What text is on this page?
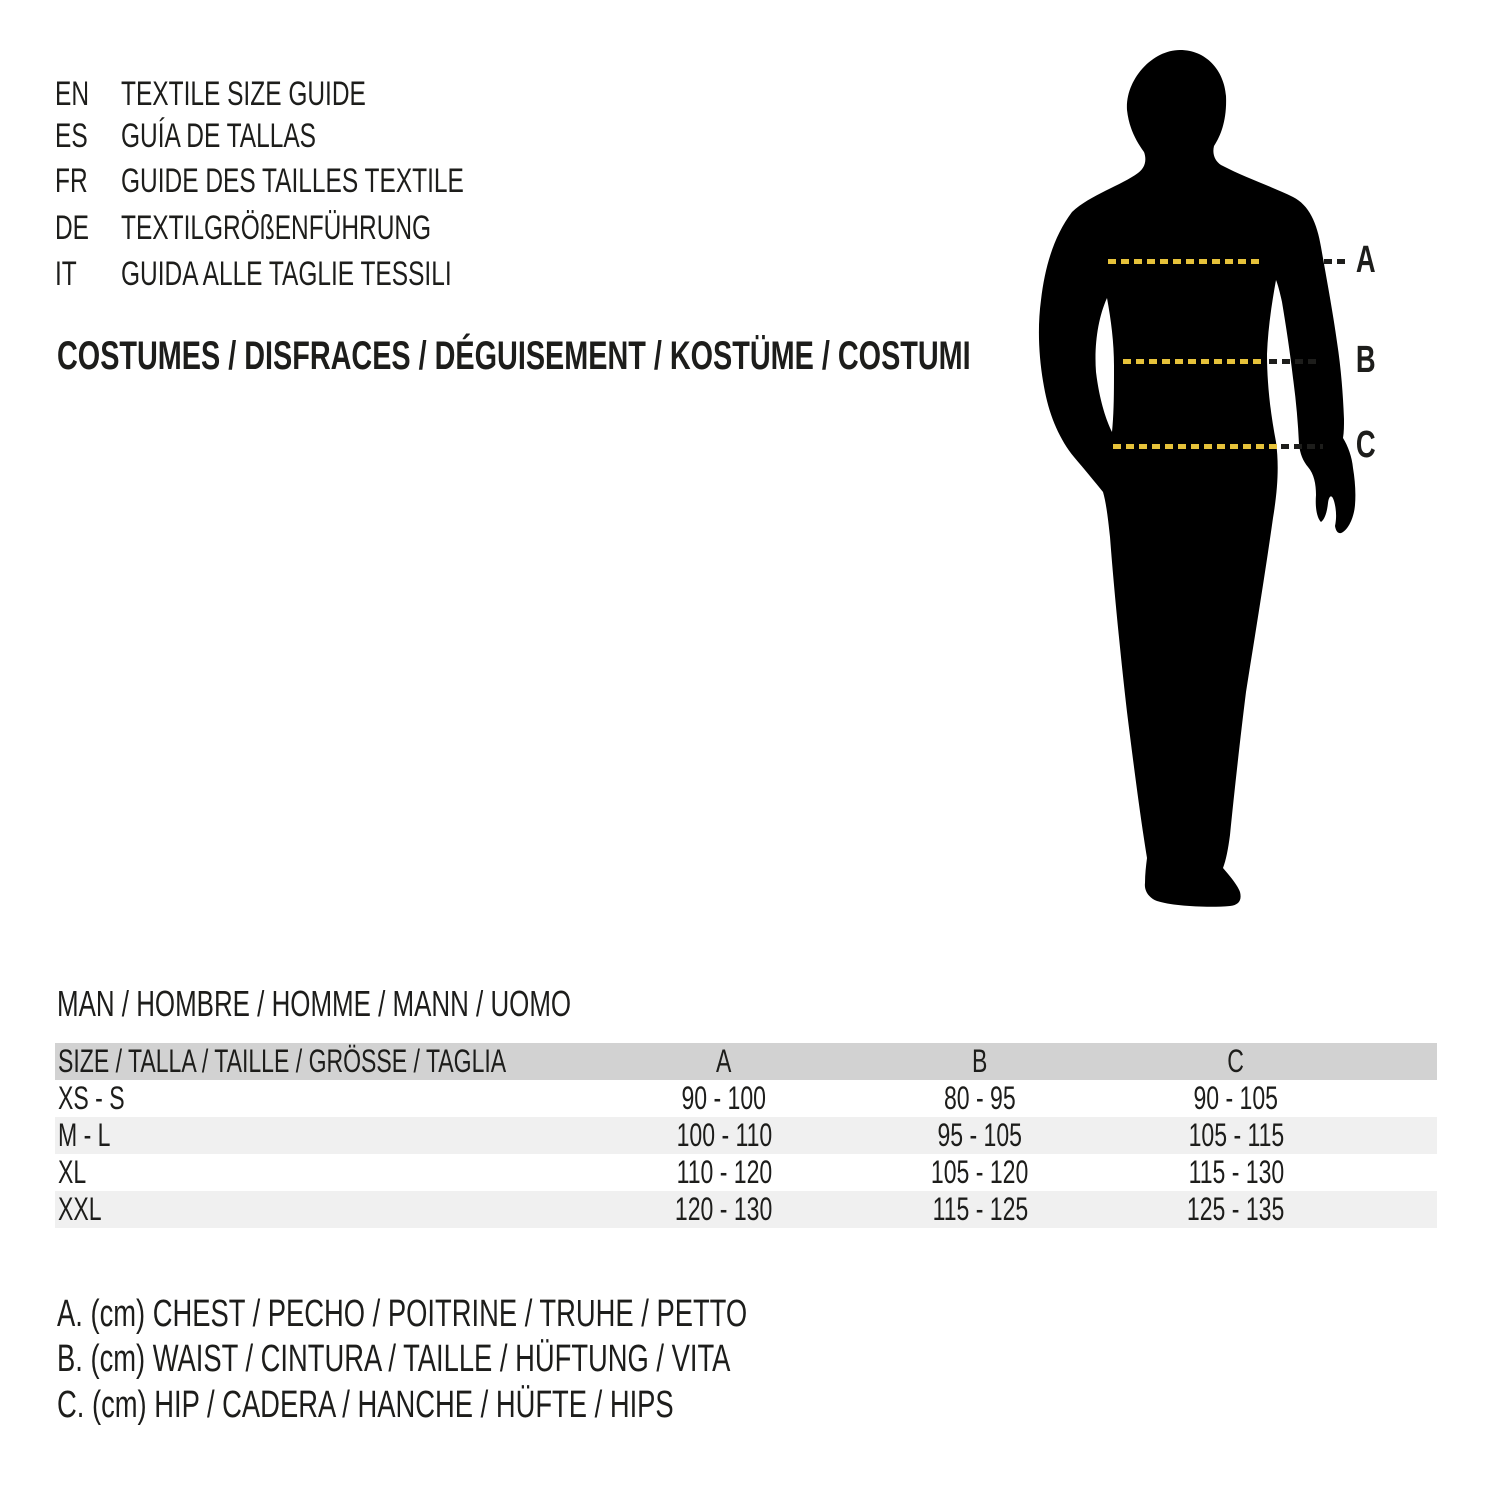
EN TEXTILE SIZE GUIDE
ES GUÍA DE TALLAS
FR GUIDE DES TAILLES TEXTILE
DE TEXTILGRÖßENFÜHRUNG
IT GUIDA ALLE TAGLIE TESSILI
COSTUMES / DISFRACES / DÉGUISEMENT / KOSTÜME / COSTUMI
A
B
C
MAN / HOMBRE / HOMME / MANN / UOMO
SIZE / TALLA / TAILLE / GRÖSSE / TAGLIA	A	B	C	
XS - S	90 - 100	80 - 95	90 - 105	
M - L	100 - 110	95 - 105	105 - 115	
XL	110 - 120	105 - 120	115 - 130	
XXL	120 - 130	115 - 125	125 - 135	
A. (cm) CHEST / PECHO / POITRINE / TRUHE / PETTO
B. (cm) WAIST / CINTURA / TAILLE / HÜFTUNG / VITA
C. (cm) HIP / CADERA / HANCHE / HÜFTE / HIPS
